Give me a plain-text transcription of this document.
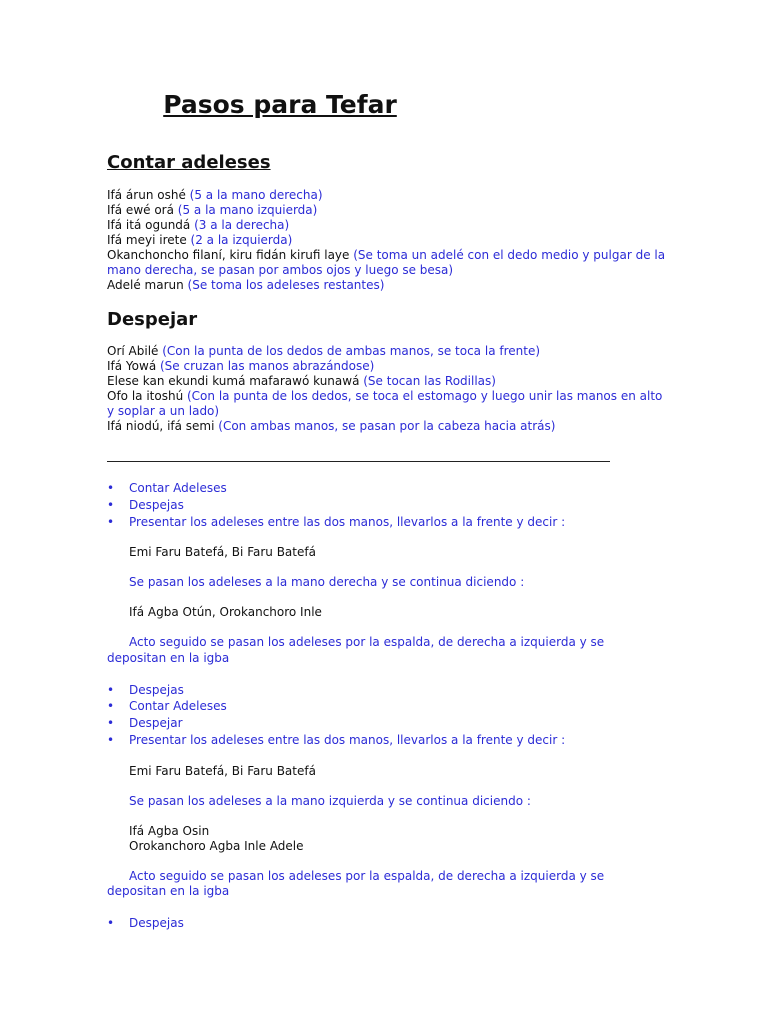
Pasos para Tefar
Contar adeleses
Ifá árun oshé (5 a la mano derecha)
Ifá ewé orá (5 a la mano izquierda)
Ifá itá ogundá (3 a la derecha)
Ifá meyi irete (2 a la izquierda)
Okanchoncho filaní, kiru fidán kirufi laye (Se toma un adelé con el dedo medio y pulgar de la mano derecha, se pasan por ambos ojos y luego se besa)
Adelé marun (Se toma los adeleses restantes)
Despejar
Orí Abilé (Con la punta de los dedos de ambas manos, se toca la frente)
Ifá Yowá (Se cruzan las manos abrazándose)
Elese kan ekundi kumá mafarawó kunawá (Se tocan las Rodillas)
Ofo la itoshú (Con la punta de los dedos, se toca el estomago y luego unir las manos en alto y soplar a un lado)
Ifá niodú, ifá semi (Con ambas manos, se pasan por la cabeza hacia atrás)
• Contar Adeleses
• Despejas
• Presentar los adeleses entre las dos manos, llevarlos a la frente y decir :
Emi Faru Batefá, Bi Faru Batefá
Se pasan los adeleses a la mano derecha y se continua diciendo :
Ifá Agba Otún, Orokanchoro Inle
Acto seguido se pasan los adeleses por la espalda, de derecha a izquierda y se
depositan en la igba
• Despejas
• Contar Adeleses
• Despejar
• Presentar los adeleses entre las dos manos, llevarlos a la frente y decir :
Emi Faru Batefá, Bi Faru Batefá
Se pasan los adeleses a la mano izquierda y se continua diciendo :
Ifá Agba Osin
Orokanchoro Agba Inle Adele
Acto seguido se pasan los adeleses por la espalda, de derecha a izquierda y se
depositan en la igba
• Despejas
